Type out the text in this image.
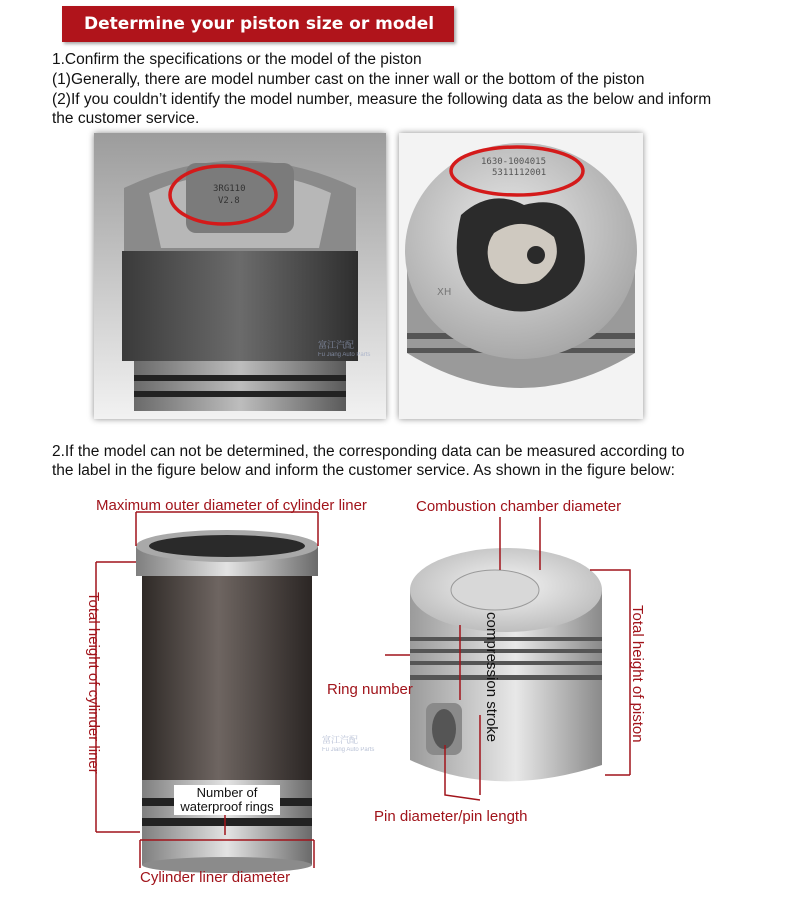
Determine your piston size or model
1.Confirm the specifications or the model of the piston
(1)Generally, there are model number cast on the inner wall or the bottom of the piston
(2)If you couldn’t identify the model number, measure the following data as the below and inform
the customer service.
3RG110
V2.8
1630-1004015
5311112001
XH
富江汽配
Fu Jiang Auto Parts
2.If the model can not be determined, the corresponding data can be measured according to
the label in the figure below and inform the customer service. As shown in the figure below:
Maximum outer diameter of cylinder liner
Total height of cylinder liner
Number of waterproof rings
Cylinder liner diameter
Combustion chamber diameter
compression stroke
Ring number	Total height of piston
Pin diameter/pin length
富江汽配
Fu Jiang Auto Parts
